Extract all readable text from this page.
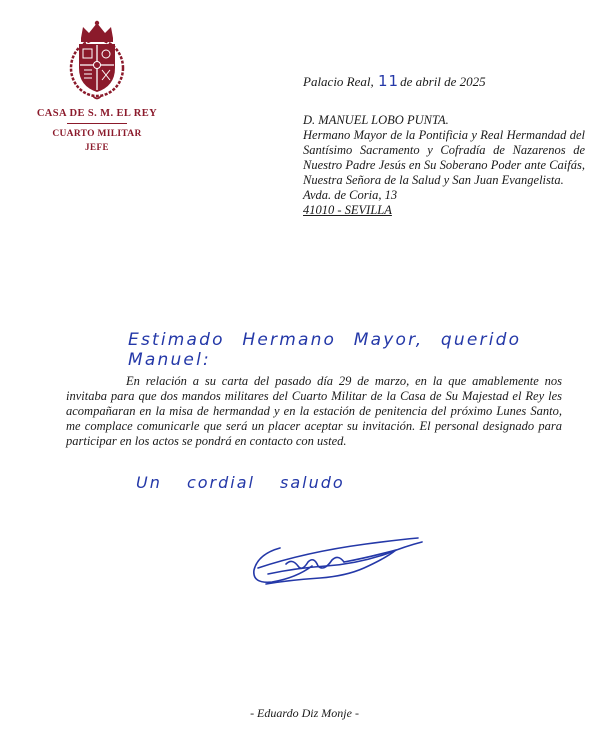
CASA DE S. M. EL REY
CUARTO MILITAR
JEFE
Palacio Real, 11de abril de 2025
D. MANUEL LOBO PUNTA.
Hermano Mayor de la Pontificia y Real Hermandad del Santísimo Sacramento y Cofradía de Nazarenos de Nuestro Padre Jesús en Su Soberano Poder ante Caifás, Nuestra Señora de la Salud y San Juan Evangelista.
Avda. de Coria, 13
41010 - SEVILLA
Estimado Hermano Mayor, querido Manuel:
En relación a su carta del pasado día 29 de marzo, en la que amablemente nos invitaba para que dos mandos militares del Cuarto Militar de la Casa de Su Majestad el Rey les acompañaran en la misa de hermandad y en la estación de penitencia del próximo Lunes Santo, me complace comunicarle que será un placer aceptar su invitación. El personal designado para participar en los actos se pondrá en contacto con usted.
Un cordial saludo
- Eduardo Diz Monje -
